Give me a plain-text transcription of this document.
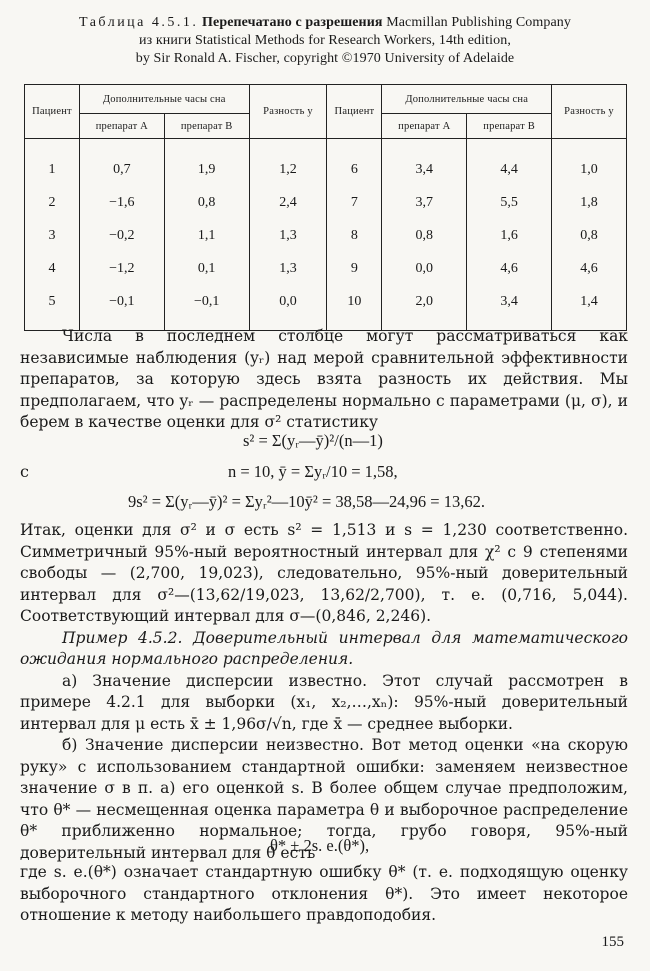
Таблица 4.5.1. Перепечатано с разрешения Macmillan Publishing Company
из книги Statistical Methods for Research Workers, 14th edition,
by Sir Ronald A. Fischer, copyright ©1970 University of Adelaide
Пациент	Дополнительные часы сна		Разность y	Пациент	Дополнительные часы сна		Разность y
	препарат A	препарат B			препарат A	препарат B	
1	0,7	1,9	1,2	6	3,4	4,4	1,0
2	−1,6	0,8	2,4	7	3,7	5,5	1,8
3	−0,2	1,1	1,3	8	0,8	1,6	0,8
4	−1,2	0,1	1,3	9	0,0	4,6	4,6
5	−0,1	−0,1	0,0	10	2,0	3,4	1,4

Числа в последнем столбце могут рассматриваться как независимые наблюдения (yᵣ) над мерой сравнительной эффективности препаратов, за которую здесь взята разность их действия. Мы предполагаем, что yᵣ — распределены нормально с параметрами (μ, σ), и берем в качестве оценки для σ² статистику

s² = Σ(yᵣ—ȳ)²/(n—1)
с	n = 10, ȳ = Σyᵣ/10 = 1,58,
9s² = Σ(yᵣ—ȳ)² = Σyᵣ²—10ȳ² = 38,58—24,96 = 13,62.

Итак, оценки для σ² и σ есть s² = 1,513 и s = 1,230 соответственно. Симметричный 95%-ный вероятностный интервал для χ² с 9 степенями свободы — (2,700, 19,023), следовательно, 95%-ный доверительный интервал для σ²—(13,62/19,023, 13,62/2,700), т. е. (0,716, 5,044). Соответствующий интервал для σ—(0,846, 2,246).

Пример 4.5.2. Доверительный интервал для математического ожидания нормального распределения.

а) Значение дисперсии известно. Этот случай рассмотрен в примере 4.2.1 для выборки (x₁, x₂,…,xₙ): 95%-ный доверительный интервал для μ есть x̄ ± 1,96σ/√n, где x̄ — среднее выборки.

б) Значение дисперсии неизвестно. Вот метод оценки «на скорую руку» с использованием стандартной ошибки: заменяем неизвестное значение σ в п. а) его оценкой s. В более общем случае предположим, что θ* — несмещенная оценка параметра θ и выборочное распределение θ* приближенно нормальное; тогда, грубо говоря, 95%-ный доверительный интервал для θ есть

θ* ± 2s. e.(θ*),

где s. e.(θ*) означает стандартную ошибку θ* (т. е. подходящую оценку выборочного стандартного отклонения θ*). Это имеет некоторое отношение к методу наибольшего правдоподобия.

155
